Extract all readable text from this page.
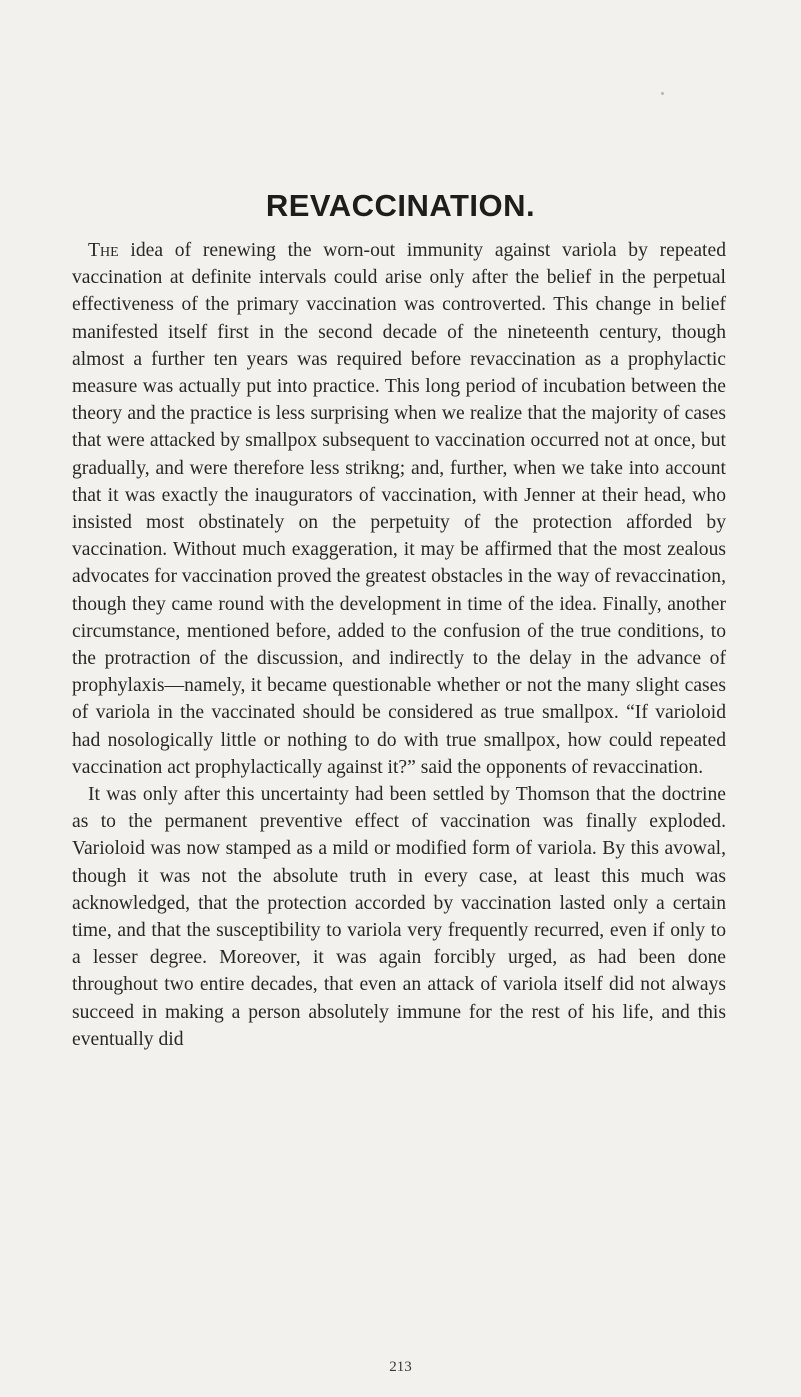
REVACCINATION.

The idea of renewing the worn-out immunity against variola by repeated vaccination at definite intervals could arise only after the belief in the perpetual effectiveness of the primary vaccination was controverted. This change in belief manifested itself first in the second decade of the nineteenth century, though almost a further ten years was required before revaccination as a prophylactic measure was actually put into practice. This long period of incubation between the theory and the practice is less surprising when we realize that the majority of cases that were attacked by smallpox subsequent to vaccination occurred not at once, but gradually, and were therefore less strikng; and, further, when we take into account that it was exactly the inaugurators of vaccination, with Jenner at their head, who insisted most obstinately on the perpetuity of the protection afforded by vaccination. Without much exaggeration, it may be affirmed that the most zealous advocates for vaccination proved the greatest obstacles in the way of revaccination, though they came round with the development in time of the idea. Finally, another circumstance, mentioned before, added to the confusion of the true conditions, to the protraction of the discussion, and indirectly to the delay in the advance of prophylaxis—namely, it became questionable whether or not the many slight cases of variola in the vaccinated should be considered as true smallpox. “If varioloid had nosologically little or nothing to do with true smallpox, how could repeated vaccination act prophylactically against it?” said the opponents of revaccination.

It was only after this uncertainty had been settled by Thomson that the doctrine as to the permanent preventive effect of vaccination was finally exploded. Varioloid was now stamped as a mild or modified form of variola. By this avowal, though it was not the absolute truth in every case, at least this much was acknowledged, that the protection accorded by vaccination lasted only a certain time, and that the susceptibility to variola very frequently recurred, even if only to a lesser degree. Moreover, it was again forcibly urged, as had been done throughout two entire decades, that even an attack of variola itself did not always succeed in making a person absolutely immune for the rest of his life, and this eventually did

213
